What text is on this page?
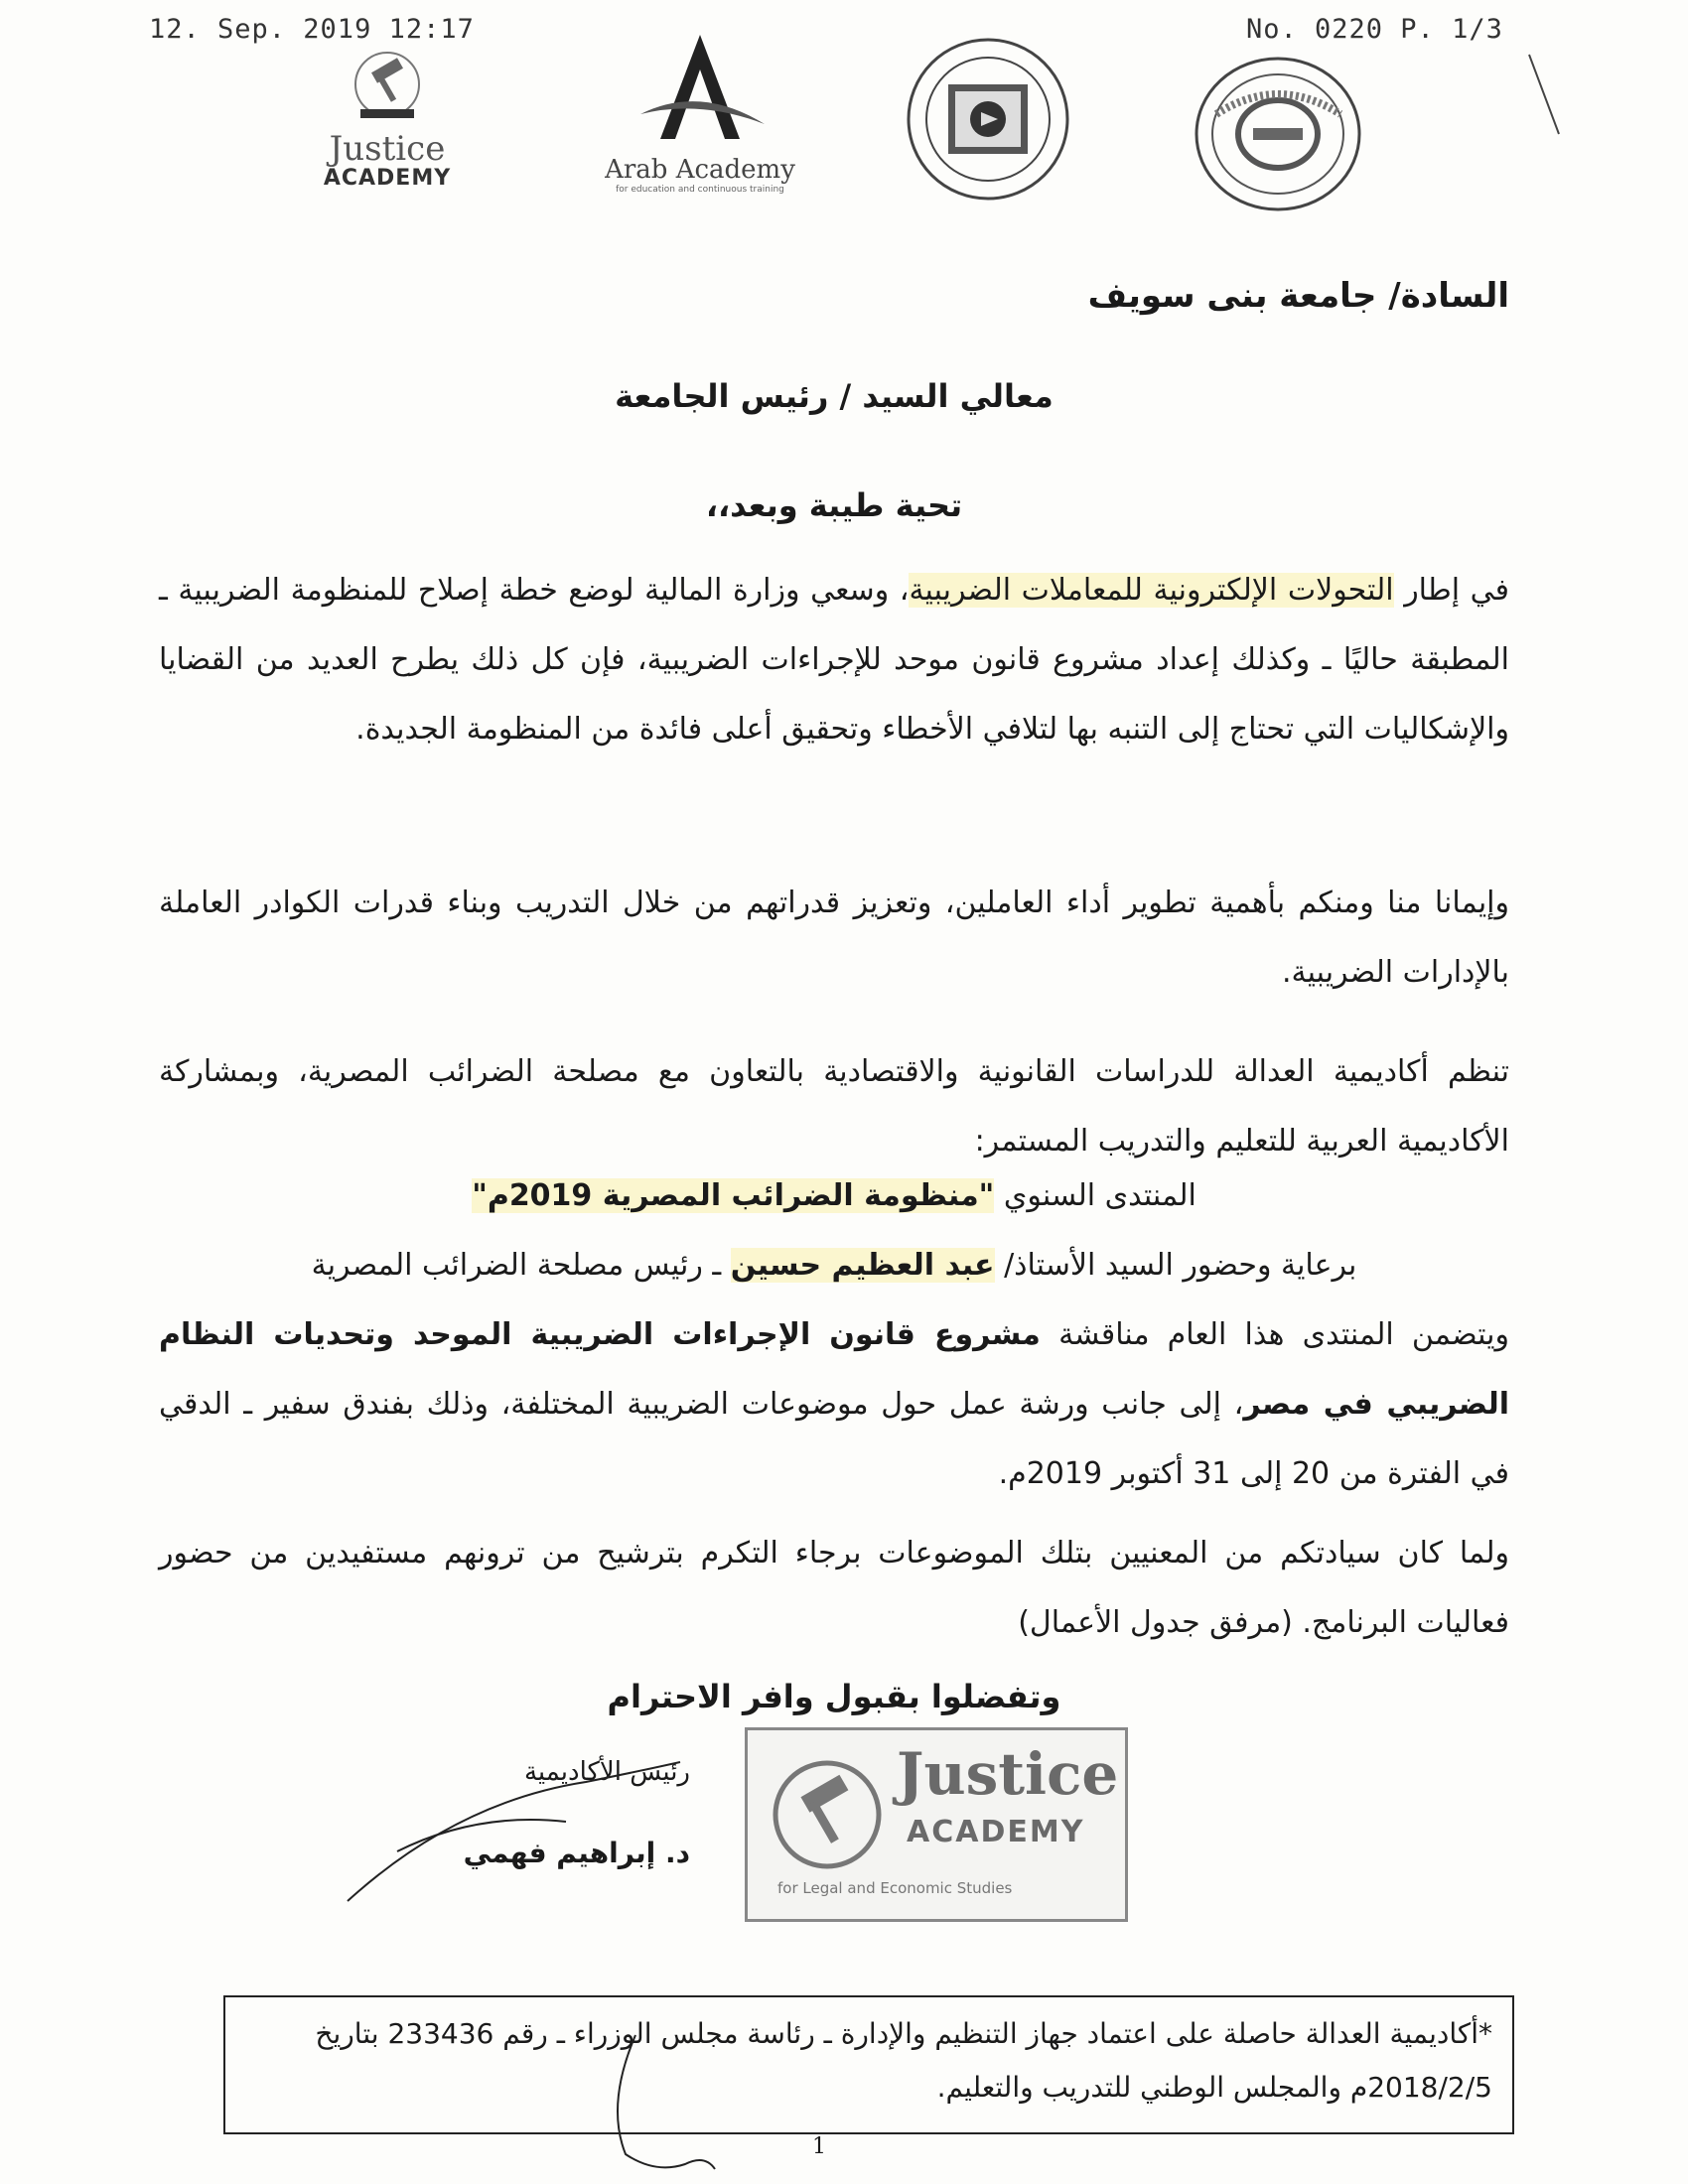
12. Sep. 2019 12:17	No. 0220 P. 1/3
Justice
ACADEMY	Arab Academy
for education and continuous training
السادة/ جامعة بنى سويف
معالي السيد / رئيس الجامعة
تحية طيبة وبعد،،
في إطار التحولات الإلكترونية للمعاملات الضريبية، وسعي وزارة المالية لوضع خطة إصلاح للمنظومة الضريبية ـ المطبقة حاليًا ـ وكذلك إعداد مشروع قانون موحد للإجراءات الضريبية، فإن كل ذلك يطرح العديد من القضايا والإشكاليات التي تحتاج إلى التنبه بها لتلافي الأخطاء وتحقيق أعلى فائدة من المنظومة الجديدة.
وإيمانا منا ومنكم بأهمية تطوير أداء العاملين، وتعزيز قدراتهم من خلال التدريب وبناء قدرات الكوادر العاملة بالإدارات الضريبية.
تنظم أكاديمية العدالة للدراسات القانونية والاقتصادية بالتعاون مع مصلحة الضرائب المصرية، وبمشاركة الأكاديمية العربية للتعليم والتدريب المستمر:
المنتدى السنوي "منظومة الضرائب المصرية 2019م"
برعاية وحضور السيد الأستاذ/ عبد العظيم حسين ـ رئيس مصلحة الضرائب المصرية
ويتضمن المنتدى هذا العام مناقشة مشروع قانون الإجراءات الضريبية الموحد وتحديات النظام الضريبي في مصر، إلى جانب ورشة عمل حول موضوعات الضريبية المختلفة، وذلك بفندق سفير ـ الدقي في الفترة من 20 إلى 31 أكتوبر 2019م.
ولما كان سيادتكم من المعنيين بتلك الموضوعات برجاء التكرم بترشيح من ترونهم مستفيدين من حضور فعاليات البرنامج. (مرفق جدول الأعمال)
وتفضلوا بقبول وافر الاحترام
رئيس الأكاديمية
د. إبراهيم فهمي
Justice
ACADEMY
for Legal and Economic Studies
*أكاديمية العدالة حاصلة على اعتماد جهاز التنظيم والإدارة ـ رئاسة مجلس الوزراء ـ رقم 233436 بتاريخ 2018/2/5م والمجلس الوطني للتدريب والتعليم.
1
